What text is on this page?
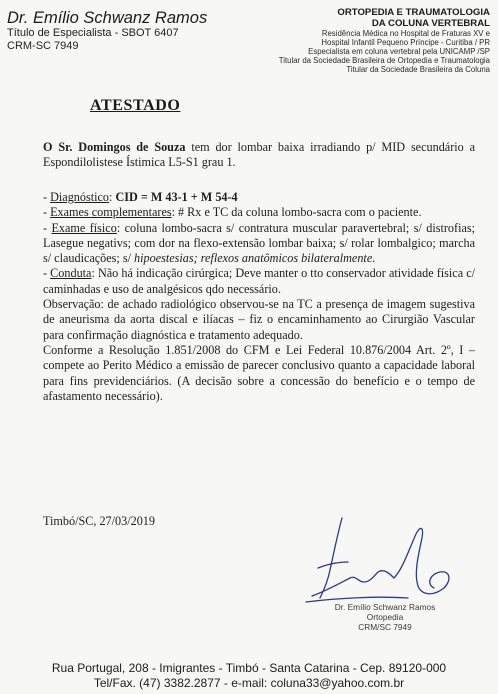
Dr. Emílio Schwanz Ramos
Título de Especialista - SBOT 6407
CRM-SC 7949
ORTOPEDIA E TRAUMATOLOGIA
DA COLUNA VERTEBRAL
Residência Médica no Hospital de Fraturas XV e
Hospital Infantil Pequeno Príncipe - Curitiba / PR
Especialista em coluna vertebral pela UNICAMP /SP
Titular da Sociedade Brasileira de Ortopedia e Traumatologia
Titular da Sociedade Brasileira da Coluna
ATESTADO

O Sr. Domingos de Souza tem dor lombar baixa irradiando p/ MID secundário a Espondilolistese Ístimica L5-S1 grau 1.

- Diagnóstico: CID = M 43-1 + M 54-4

- Exames complementares: # Rx e TC da coluna lombo-sacra com o paciente.

- Exame físico: coluna lombo-sacra s/ contratura muscular paravertebral; s/ distrofias; Lasegue negativs; com dor na flexo-extensão lombar baixa; s/ rolar lombalgico; marcha s/ claudicações; s/ hipoestesias; reflexos anatômicos bilateralmente.

- Conduta: Não há indicação cirúrgica; Deve manter o tto conservador atividade física c/ caminhadas e uso de analgésicos qdo necessário.

Observação: de achado radiológico observou-se na TC a presença de imagem sugestiva de aneurisma da aorta discal e ilíacas – fiz o encaminhamento ao Cirurgião Vascular para confirmação diagnóstica e tratamento adequado.

Conforme a Resolução 1.851/2008 do CFM e Lei Federal 10.876/2004 Art. 2º, I – compete ao Perito Médico a emissão de parecer conclusivo quanto a capacidade laboral para fins previdenciários. (A decisão sobre a concessão do benefício e o tempo de afastamento necessário).

Timbó/SC, 27/03/2019
Dr. Emílio Schwanz Ramos
Ortopedia
CRM/SC 7949
Rua Portugal, 208 - Imigrantes - Timbó - Santa Catarina - Cep. 89120-000
Tel/Fax. (47) 3382.2877 - e-mail: coluna33@yahoo.com.br
